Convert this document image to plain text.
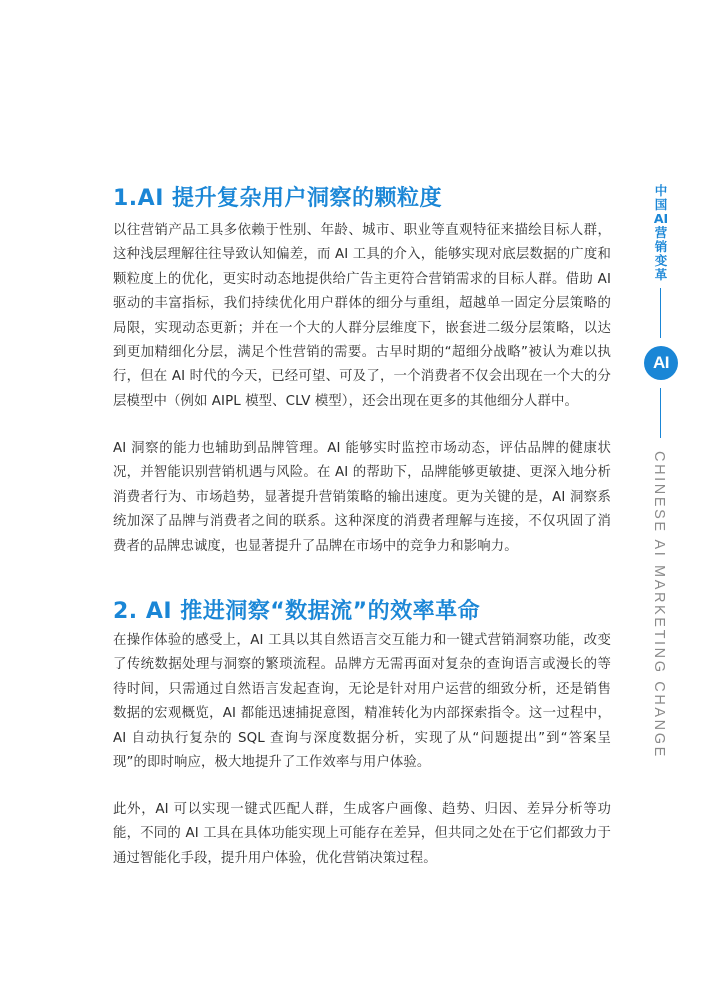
1.AI 提升复杂用户洞察的颗粒度

以往营销产品工具多依赖于性别、年龄、城市、职业等直观特征来描绘目标人群，这种浅层理解往往导致认知偏差，而 AI 工具的介入，能够实现对底层数据的广度和颗粒度上的优化，更实时动态地提供给广告主更符合营销需求的目标人群。借助 AI 驱动的丰富指标，我们持续优化用户群体的细分与重组，超越单一固定分层策略的局限，实现动态更新；并在一个大的人群分层维度下，嵌套进二级分层策略，以达到更加精细化分层，满足个性营销的需要。古早时期的“超细分战略”被认为难以执行，但在 AI 时代的今天，已经可望、可及了，一个消费者不仅会出现在一个大的分层模型中（例如 AIPL 模型、CLV 模型），还会出现在更多的其他细分人群中。

AI 洞察的能力也辅助到品牌管理。AI 能够实时监控市场动态，评估品牌的健康状况，并智能识别营销机遇与风险。在 AI 的帮助下，品牌能够更敏捷、更深入地分析消费者行为、市场趋势，显著提升营销策略的输出速度。更为关键的是，AI 洞察系统加深了品牌与消费者之间的联系。这种深度的消费者理解与连接，不仅巩固了消费者的品牌忠诚度，也显著提升了品牌在市场中的竞争力和影响力。

2. AI 推进洞察“数据流”的效率革命

在操作体验的感受上，AI 工具以其自然语言交互能力和一键式营销洞察功能，改变了传统数据处理与洞察的繁琐流程。品牌方无需再面对复杂的查询语言或漫长的等待时间，只需通过自然语言发起查询，无论是针对用户运营的细致分析，还是销售数据的宏观概览，AI 都能迅速捕捉意图，精准转化为内部探索指令。这一过程中，AI 自动执行复杂的 SQL 查询与深度数据分析，实现了从“问题提出”到“答案呈现”的即时响应，极大地提升了工作效率与用户体验。

此外，AI 可以实现一键式匹配人群，生成客户画像、趋势、归因、差异分析等功能，不同的 AI 工具在具体功能实现上可能存在差异，但共同之处在于它们都致力于通过智能化手段，提升用户体验，优化营销决策过程。

中国AI营销变革
AI
CHINESE AI MARKETING CHANGE
